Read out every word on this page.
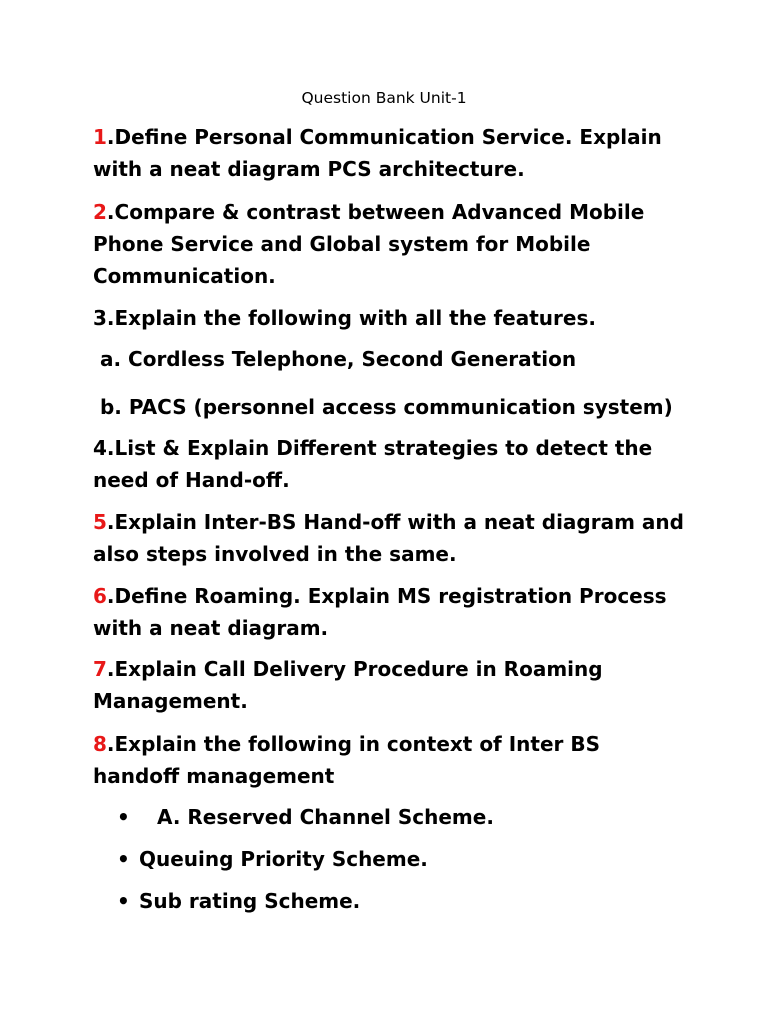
Question Bank Unit-1

1.Define Personal Communication Service. Explain with a neat diagram PCS architecture.

2.Compare & contrast between Advanced Mobile Phone Service and Global system for Mobile Communication.

3.Explain the following with all the features.

a. Cordless Telephone, Second Generation

b. PACS (personnel access communication system)

4.List & Explain Different strategies to detect the need of Hand-off.

5.Explain Inter-BS Hand-off with a neat diagram and also steps involved in the same.

6.Define Roaming. Explain MS registration Process with a neat diagram.

7.Explain Call Delivery Procedure in Roaming Management.

8.Explain the following in context of Inter BS handoff management

• A. Reserved Channel Scheme.
• Queuing Priority Scheme.
• Sub rating Scheme.
